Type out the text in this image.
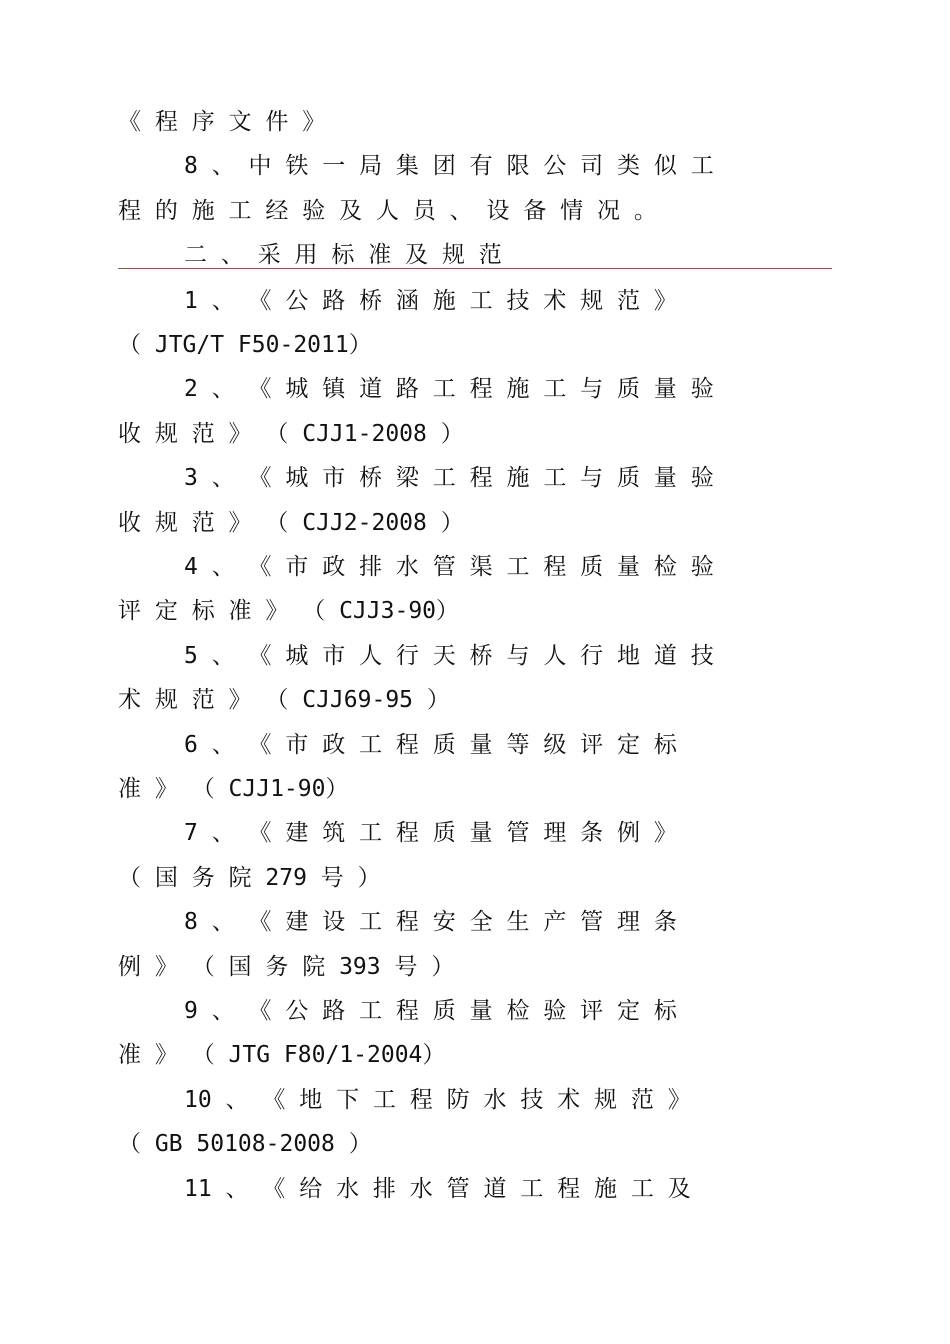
《 程 序 文 件 》
8 、 中 铁 一 局 集 团 有 限 公 司 类 似 工
程 的 施 工 经 验 及 人 员 、 设 备 情 况 。
二 、 采 用 标 准 及 规 范
1 、 《 公 路 桥 涵 施 工 技 术 规 范 》
（ JTG/T F50-2011）
2 、 《 城 镇 道 路 工 程 施 工 与 质 量 验
收 规 范 》 （ CJJ1-2008 ）
3 、 《 城 市 桥 梁 工 程 施 工 与 质 量 验
收 规 范 》 （ CJJ2-2008 ）
4 、 《 市 政 排 水 管 渠 工 程 质 量 检 验
评 定 标 准 》 （ CJJ3-90）
5 、 《 城 市 人 行 天 桥 与 人 行 地 道 技
术 规 范 》 （ CJJ69-95 ）
6 、 《 市 政 工 程 质 量 等 级 评 定 标
准 》 （ CJJ1-90）
7 、 《 建 筑 工 程 质 量 管 理 条 例 》
（ 国 务 院 279 号 ）
8 、 《 建 设 工 程 安 全 生 产 管 理 条
例 》 （ 国 务 院 393 号 ）
9 、 《 公 路 工 程 质 量 检 验 评 定 标
准 》 （ JTG F80/1-2004）
10 、 《 地 下 工 程 防 水 技 术 规 范 》
（ GB 50108-2008 ）
11 、 《 给 水 排 水 管 道 工 程 施 工 及
